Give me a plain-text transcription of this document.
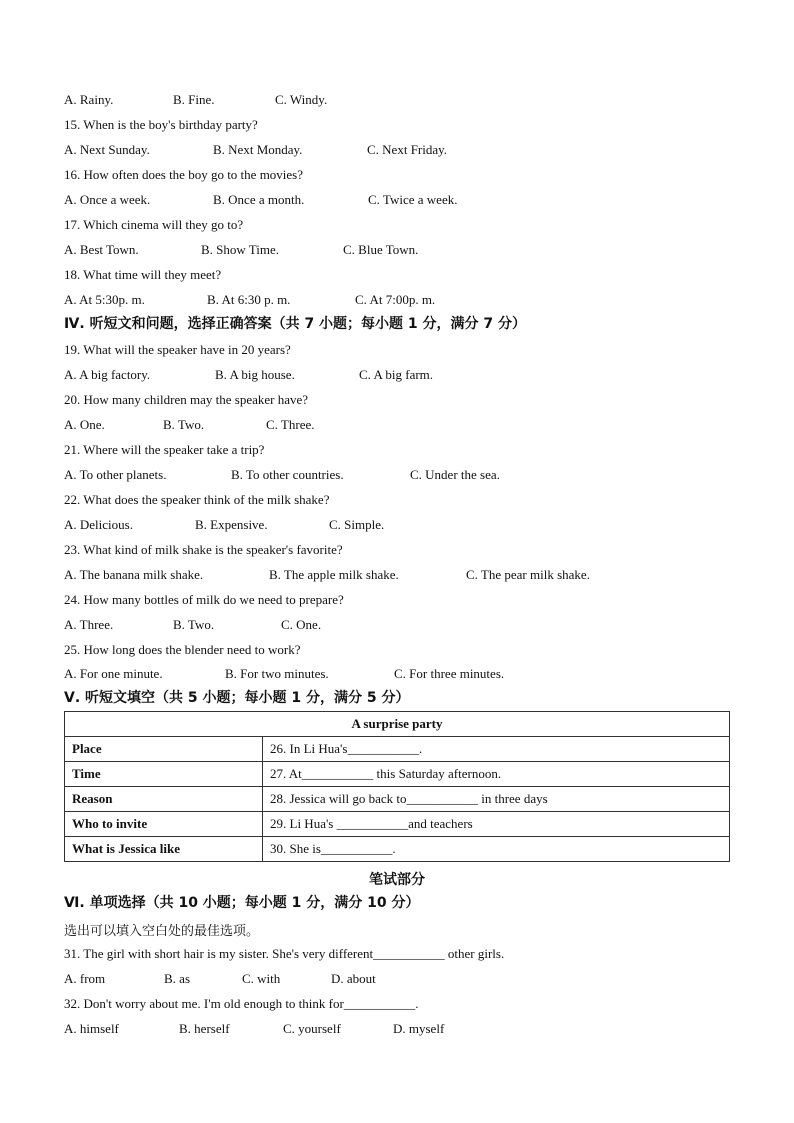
A. Rainy.	B. Fine.	C. Windy.
15. When is the boy's birthday party?
A. Next Sunday.	B. Next Monday.	C. Next Friday.
16. How often does the boy go to the movies?
A. Once a week.	B. Once a month.	C. Twice a week.
17. Which cinema will they go to?
A. Best Town.	B. Show Time.	C. Blue Town.
18. What time will they meet?
A. At 5:30p. m.	B. At 6:30 p. m.	C. At 7:00p. m.
Ⅳ. 听短文和问题，选择正确答案（共 7 小题；每小题 1 分，满分 7 分）
19. What will the speaker have in 20 years?
A. A big factory.	B. A big house.	C. A big farm.
20. How many children may the speaker have?
A. One.	B. Two.	C. Three.
21. Where will the speaker take a trip?
A. To other planets.	B. To other countries.	C. Under the sea.
22. What does the speaker think of the milk shake?
A. Delicious.	B. Expensive.	C. Simple.
23. What kind of milk shake is the speaker's favorite?
A. The banana milk shake.	B. The apple milk shake.	C. The pear milk shake.
24. How many bottles of milk do we need to prepare?
A. Three.	B. Two.	C. One.
25. How long does the blender need to work?
A. For one minute.	B. For two minutes.	C. For three minutes.
Ⅴ. 听短文填空（共 5 小题；每小题 1 分，满分 5 分）
A surprise party	
Place	26. In Li Hua's___________.
Time	27. At___________ this Saturday afternoon.
Reason	28. Jessica will go back to___________ in three days
Who to invite	29. Li Hua's ___________and teachers
What is Jessica like	30. She is___________.
笔试部分
Ⅵ. 单项选择（共 10 小题；每小题 1 分，满分 10 分）
选出可以填入空白处的最佳选项。
31. The girl with short hair is my sister. She's very different___________ other girls.
A. from	B. as	C. with	D. about
32. Don't worry about me. I'm old enough to think for___________.
A. himself	B. herself	C. yourself	D. myself
